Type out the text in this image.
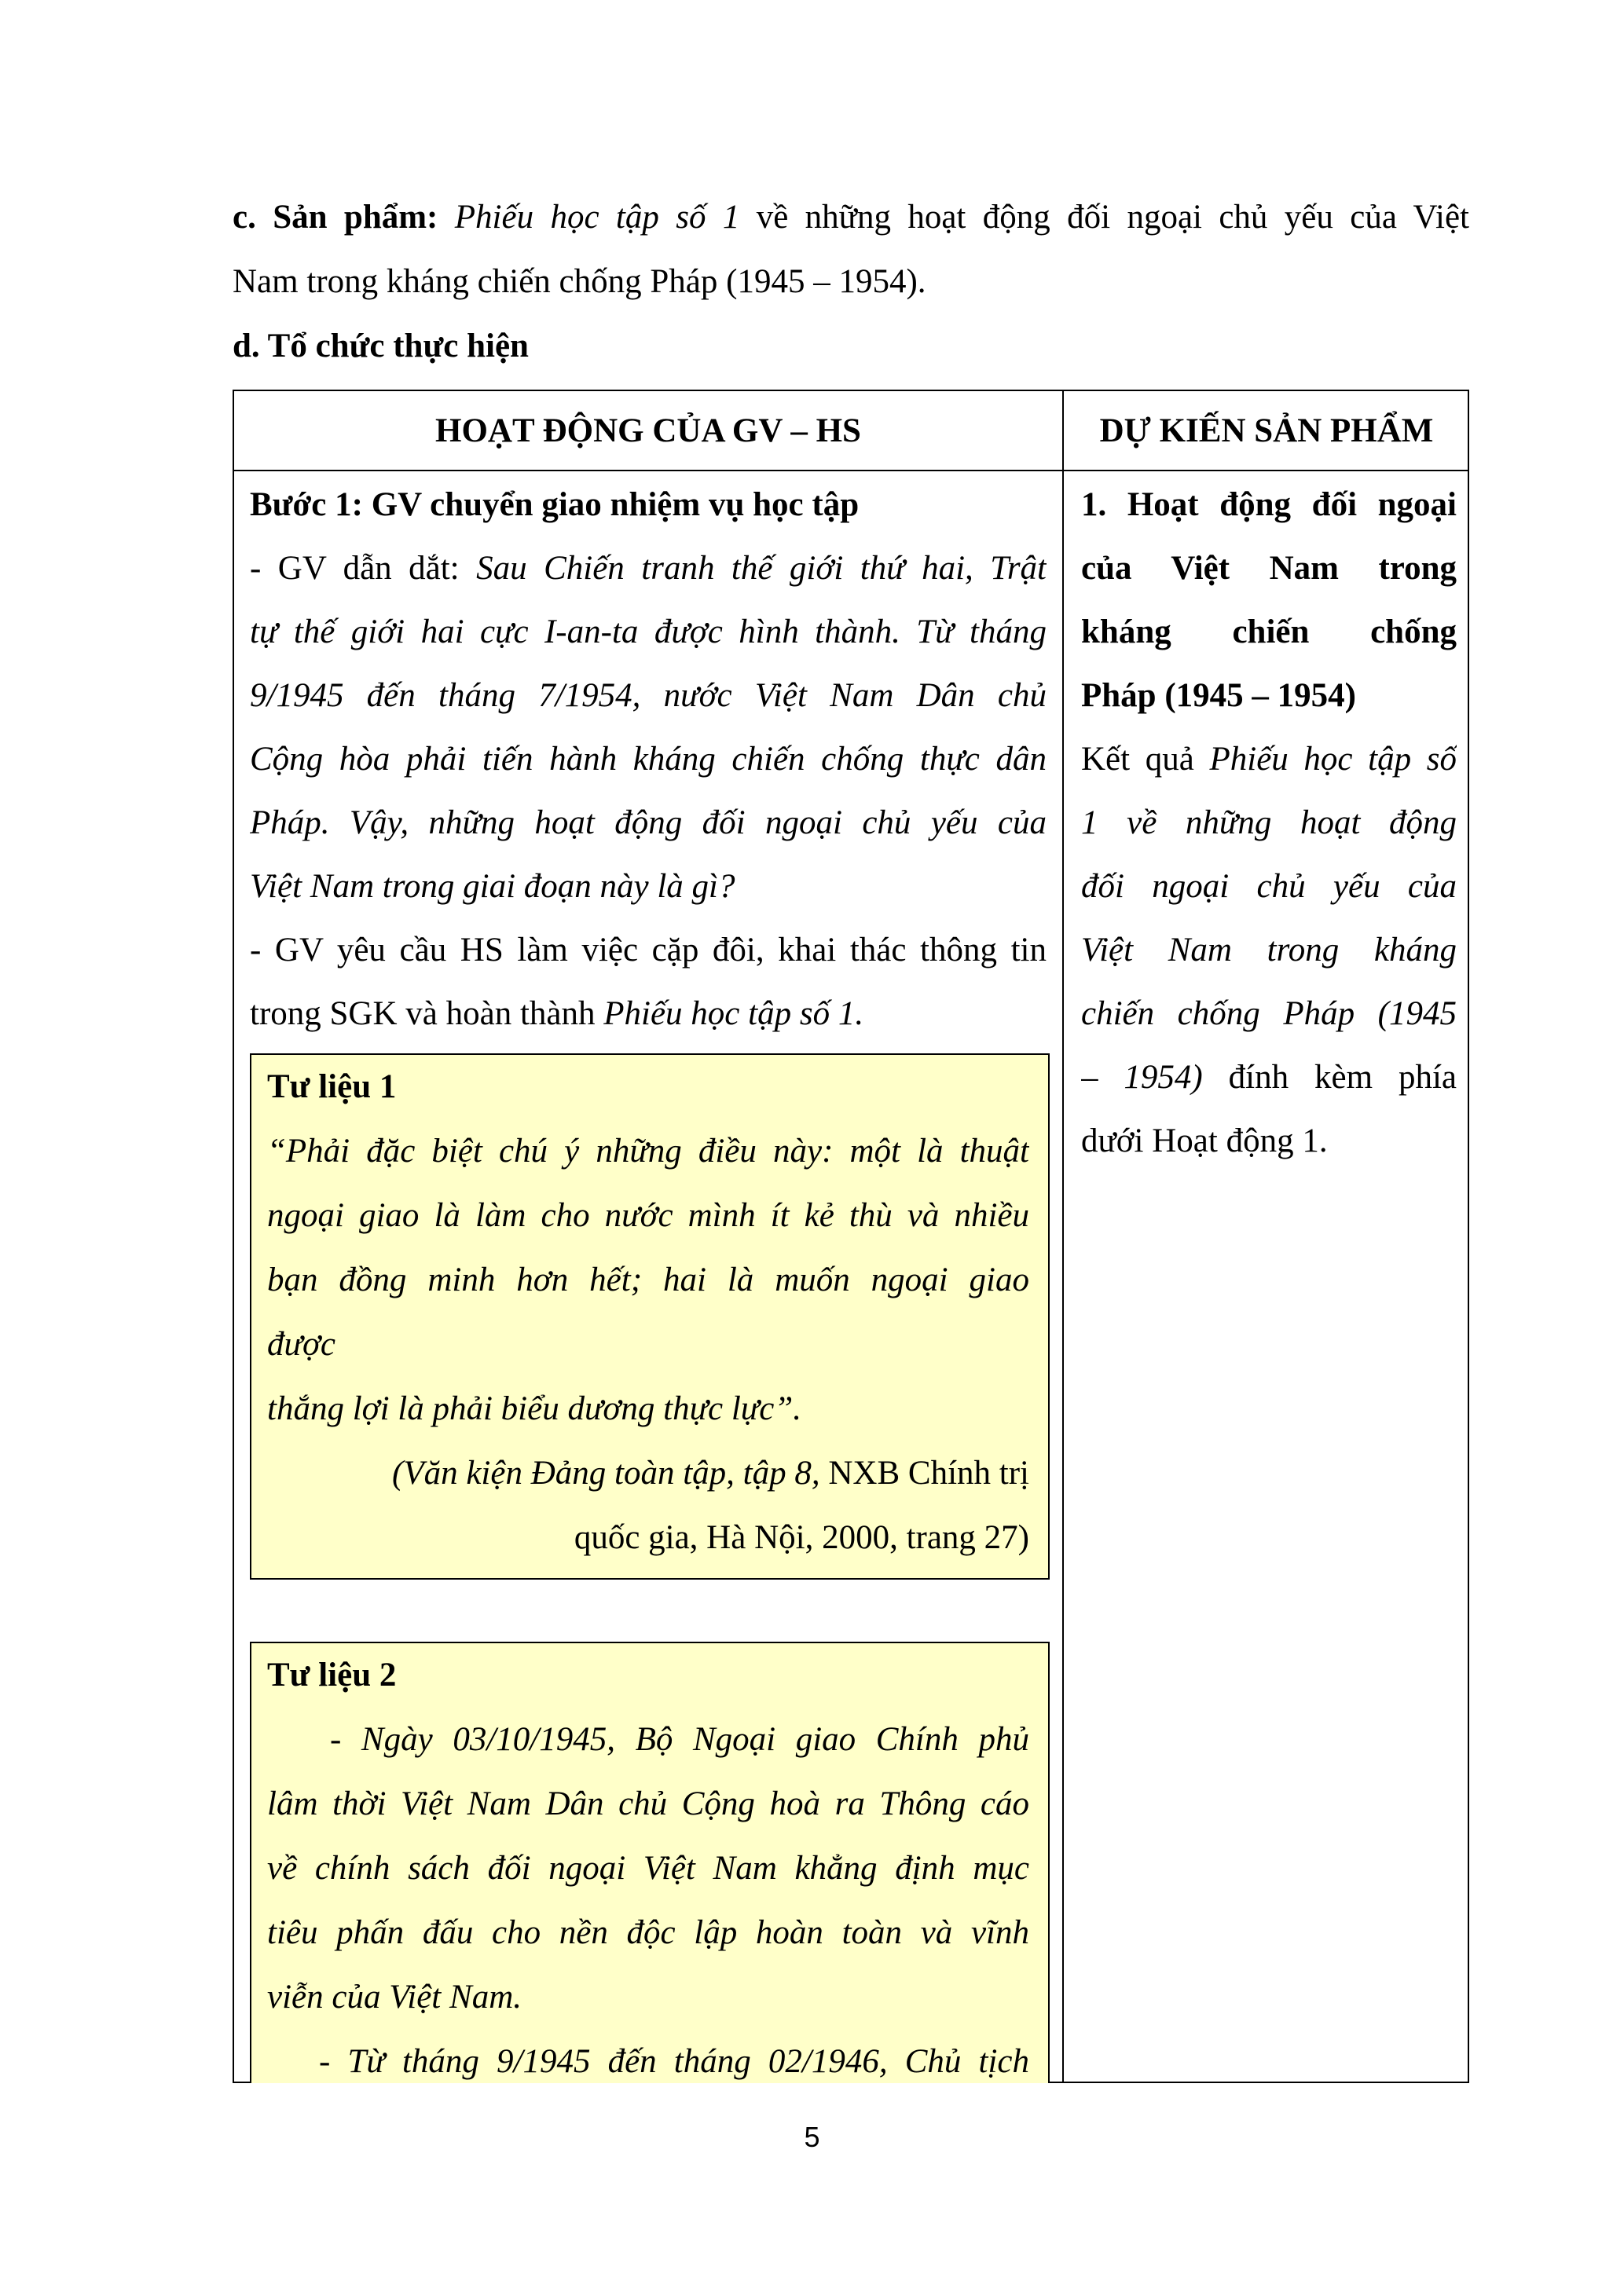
c. Sản phẩm: Phiếu học tập số 1 về những hoạt động đối ngoại chủ yếu của Việt
Nam trong kháng chiến chống Pháp (1945 – 1954).
d. Tổ chức thực hiện
HOẠT ĐỘNG CỦA GV – HS	DỰ KIẾN SẢN PHẨM
Bước 1: GV chuyển giao nhiệm vụ học tập
- GV dẫn dắt: Sau Chiến tranh thế giới thứ hai, Trật
tự thế giới hai cực I-an-ta được hình thành. Từ tháng
9/1945 đến tháng 7/1954, nước Việt Nam Dân chủ
Cộng hòa phải tiến hành kháng chiến chống thực dân
Pháp. Vậy, những hoạt động đối ngoại chủ yếu của
Việt Nam trong giai đoạn này là gì?
- GV yêu cầu HS làm việc cặp đôi, khai thác thông tin
trong SGK và hoàn thành Phiếu học tập số 1.
Tư liệu 1
“Phải đặc biệt chú ý những điều này: một là thuật
ngoại giao là làm cho nước mình ít kẻ thù và nhiều
bạn đồng minh hơn hết; hai là muốn ngoại giao
được
thắng lợi là phải biểu dương thực lực”.
(Văn kiện Đảng toàn tập, tập 8, NXB Chính trị
quốc gia, Hà Nội, 2000, trang 27)
Tư liệu 2
- Ngày 03/10/1945, Bộ Ngoại giao Chính phủ
lâm thời Việt Nam Dân chủ Cộng hoà ra Thông cáo
về chính sách đối ngoại Việt Nam khẳng định mục
tiêu phấn đấu cho nền độc lập hoàn toàn và vĩnh
viễn của Việt Nam.
- Từ tháng 9/1945 đến tháng 02/1946, Chủ tịch
1. Hoạt động đối ngoại
của Việt Nam trong
kháng chiến chống
Pháp (1945 – 1954)
Kết quả Phiếu học tập số
1 về những hoạt động
đối ngoại chủ yếu của
Việt Nam trong kháng
chiến chống Pháp (1945
– 1954) đính kèm phía
dưới Hoạt động 1.
5
